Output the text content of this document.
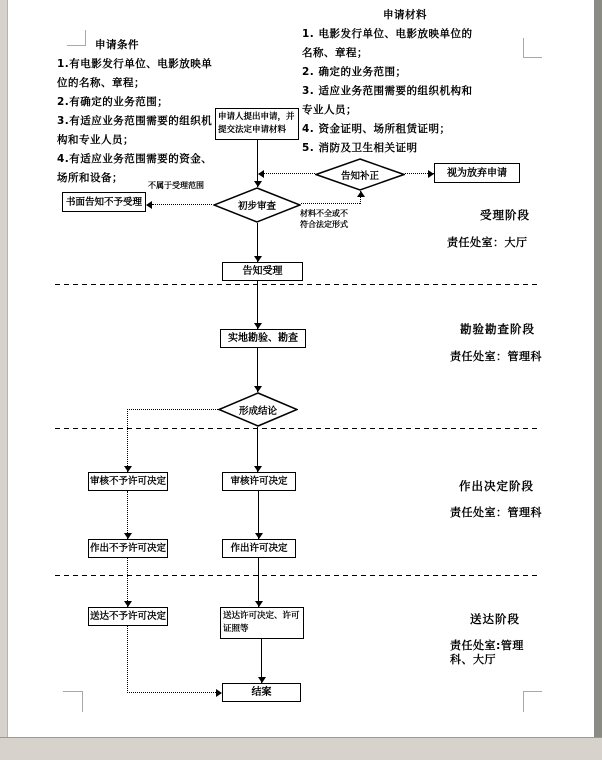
申请条件
1.有电影发行单位、电影放映单位的名称、章程；
2.有确定的业务范围；
3.有适应业务范围需要的组织机构和专业人员；
4.有适应业务范围需要的资金、场所和设备；
申请材料
1. 电影发行单位、电影放映单位的名称、章程；
2. 确定的业务范围；
3. 适应业务范围需要的组织机构和专业人员；
4. 资金证明、场所租赁证明；
5. 消防及卫生相关证明
申请人提出申请，并提交法定申请材料
视为放弃申请
书面告知不予受理
告知受理
实地勘验、勘查
审核不予许可决定	审核许可决定
作出不予许可决定	作出许可决定
送达不予许可决定	送达许可决定、许可证照等
结案
初步审查
告知补正
形成结论
不属于受理范围
材料不全或不符合法定形式
受理阶段
责任处室：大厅
勘验勘查阶段
责任处室：管理科
作出决定阶段
责任处室：管理科
送达阶段
责任处室:管理科、大厅
